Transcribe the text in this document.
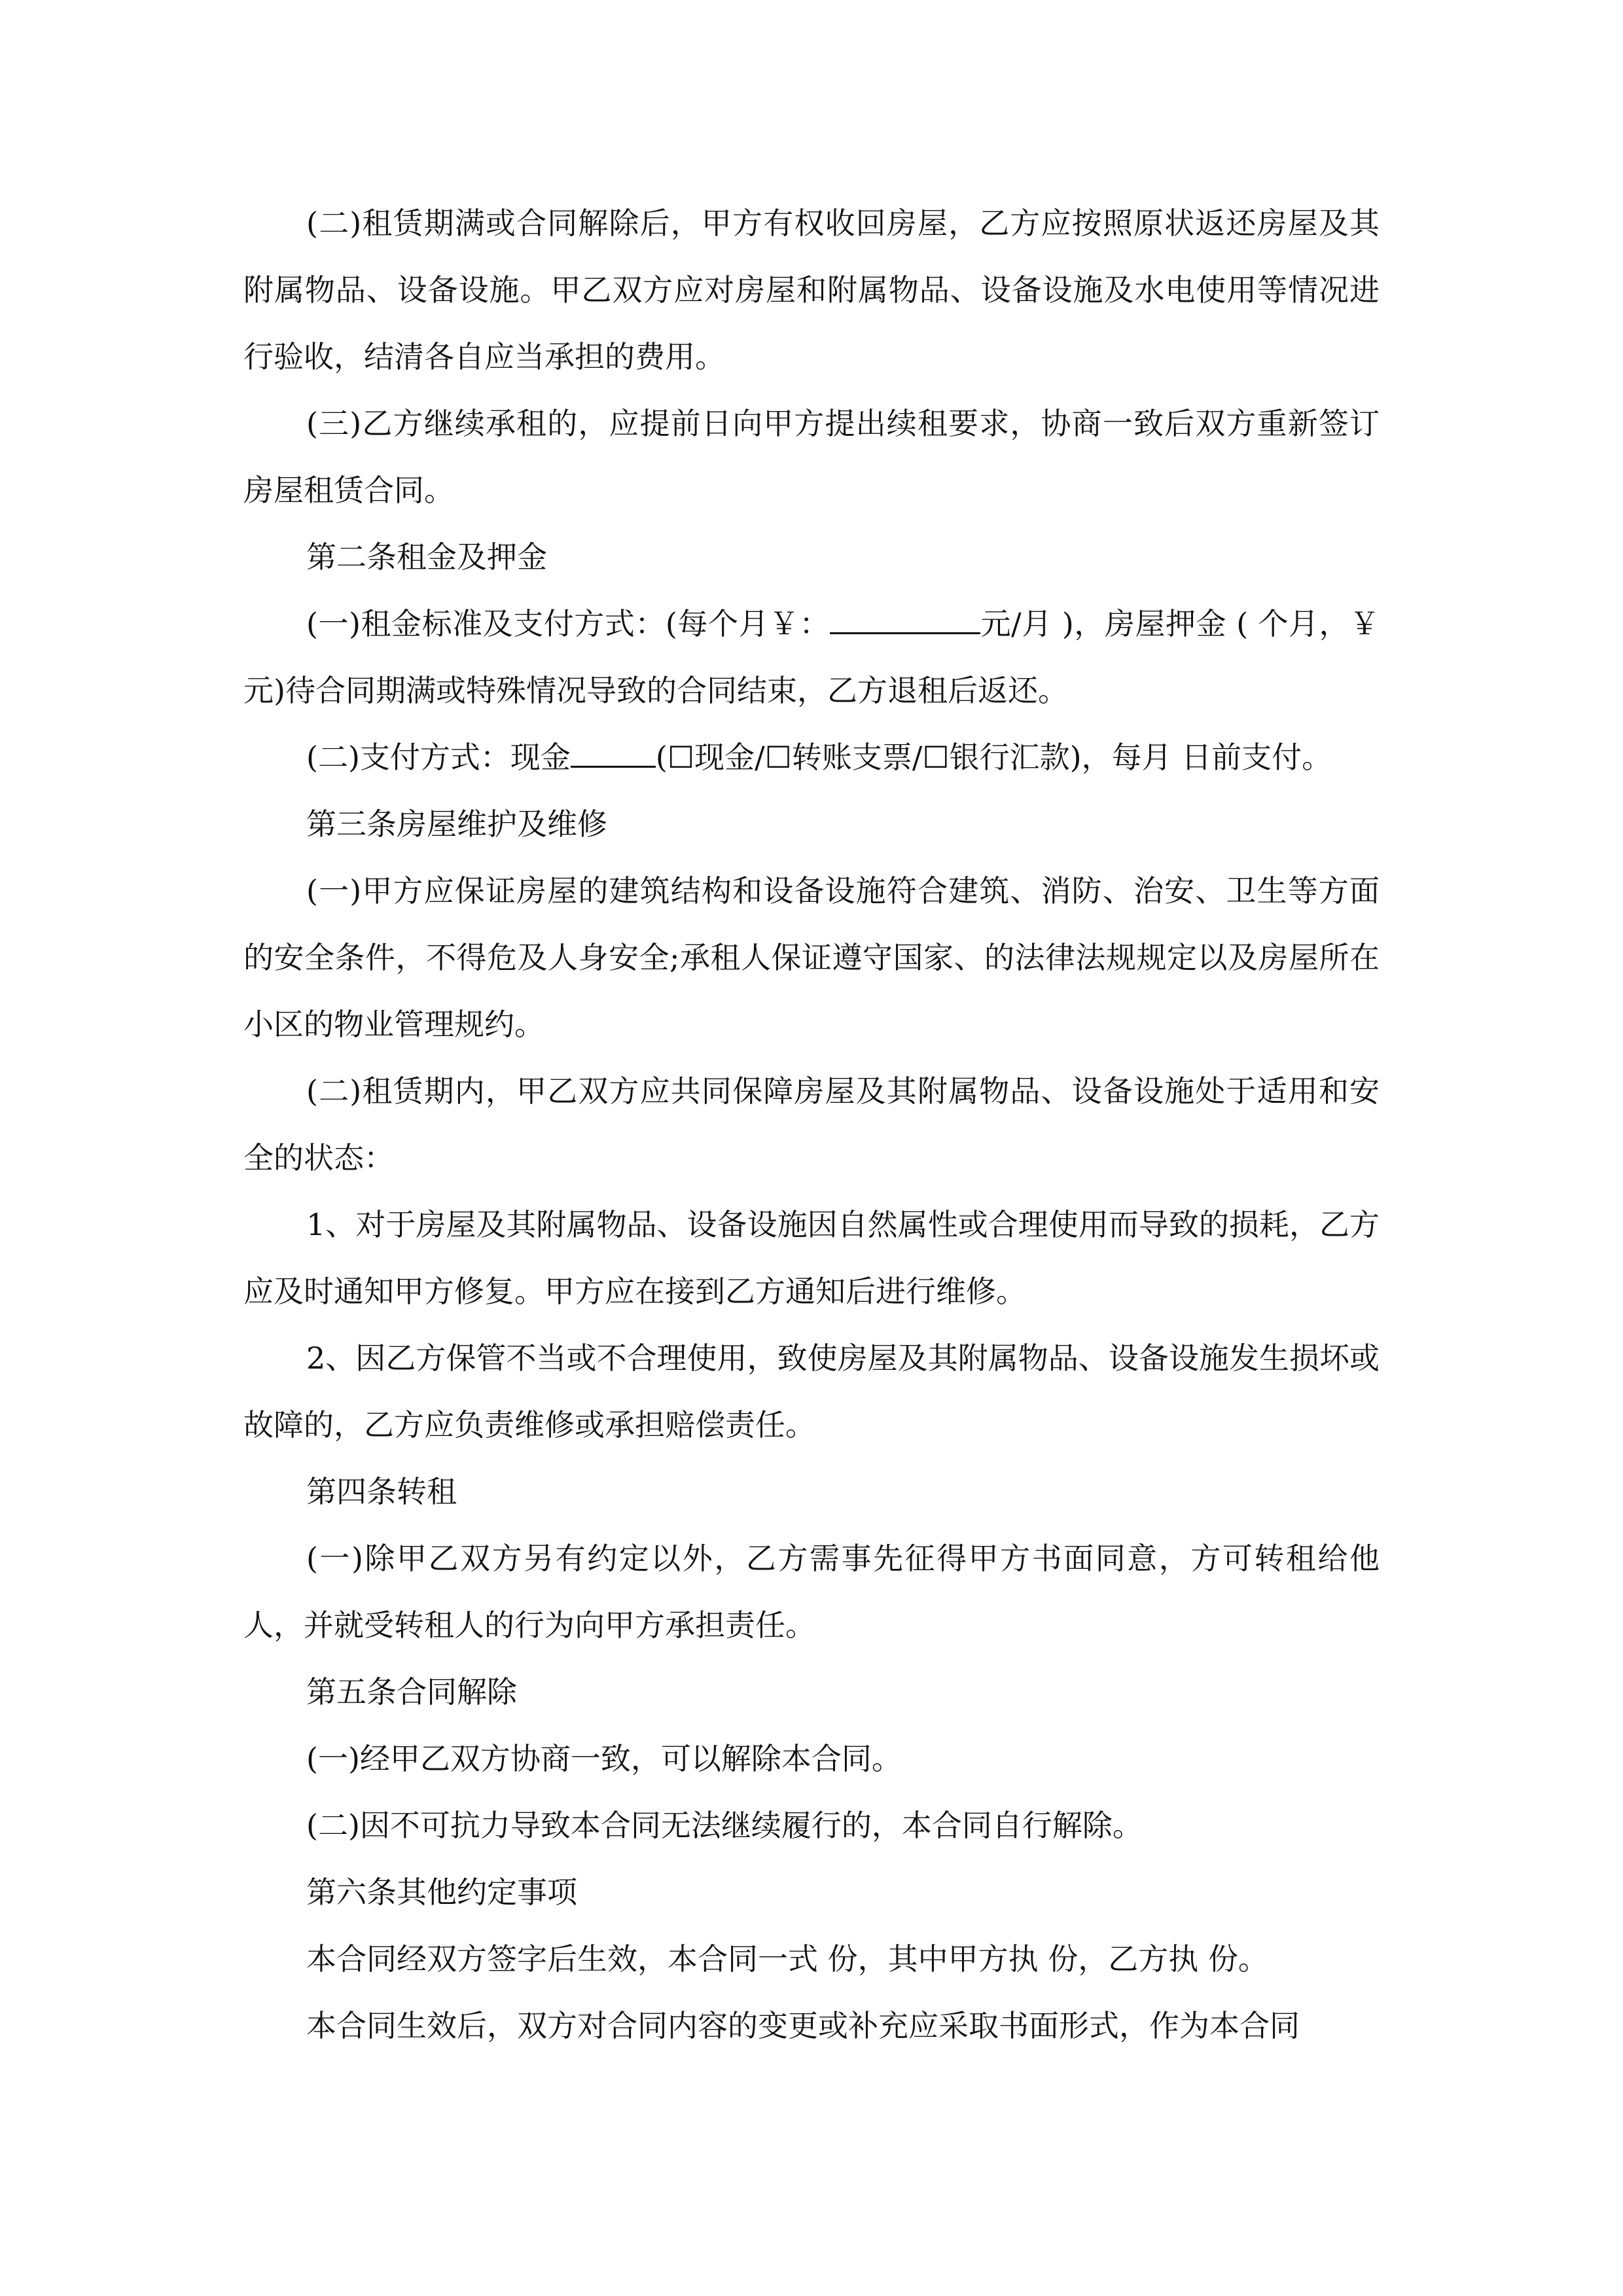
(二)租赁期满或合同解除后，甲方有权收回房屋，乙方应按照原状返还房屋及其附属物品、设备设施。甲乙双方应对房屋和附属物品、设备设施及水电使用等情况进行验收，结清各自应当承担的费用。

(三)乙方继续承租的，应提前日向甲方提出续租要求，协商一致后双方重新签订房屋租赁合同。

第二条租金及押金

(一)租金标准及支付方式：(每个月￥：	元/月 )，房屋押金 ( 个月，￥ 元)待合同期满或特殊情况导致的合同结束，乙方退租后返还。

(二)支付方式：现金	(☐现金/☐转账支票/☐银行汇款)，每月 日前支付。

第三条房屋维护及维修

(一)甲方应保证房屋的建筑结构和设备设施符合建筑、消防、治安、卫生等方面的安全条件，不得危及人身安全;承租人保证遵守国家、的法律法规规定以及房屋所在小区的物业管理规约。

(二)租赁期内，甲乙双方应共同保障房屋及其附属物品、设备设施处于适用和安全的状态：

1、对于房屋及其附属物品、设备设施因自然属性或合理使用而导致的损耗，乙方应及时通知甲方修复。甲方应在接到乙方通知后进行维修。

2、因乙方保管不当或不合理使用，致使房屋及其附属物品、设备设施发生损坏或故障的，乙方应负责维修或承担赔偿责任。

第四条转租

(一)除甲乙双方另有约定以外，乙方需事先征得甲方书面同意，方可转租给他人，并就受转租人的行为向甲方承担责任。

第五条合同解除

(一)经甲乙双方协商一致，可以解除本合同。

(二)因不可抗力导致本合同无法继续履行的，本合同自行解除。

第六条其他约定事项

本合同经双方签字后生效，本合同一式 份，其中甲方执 份，乙方执 份。

本合同生效后，双方对合同内容的变更或补充应采取书面形式，作为本合同
